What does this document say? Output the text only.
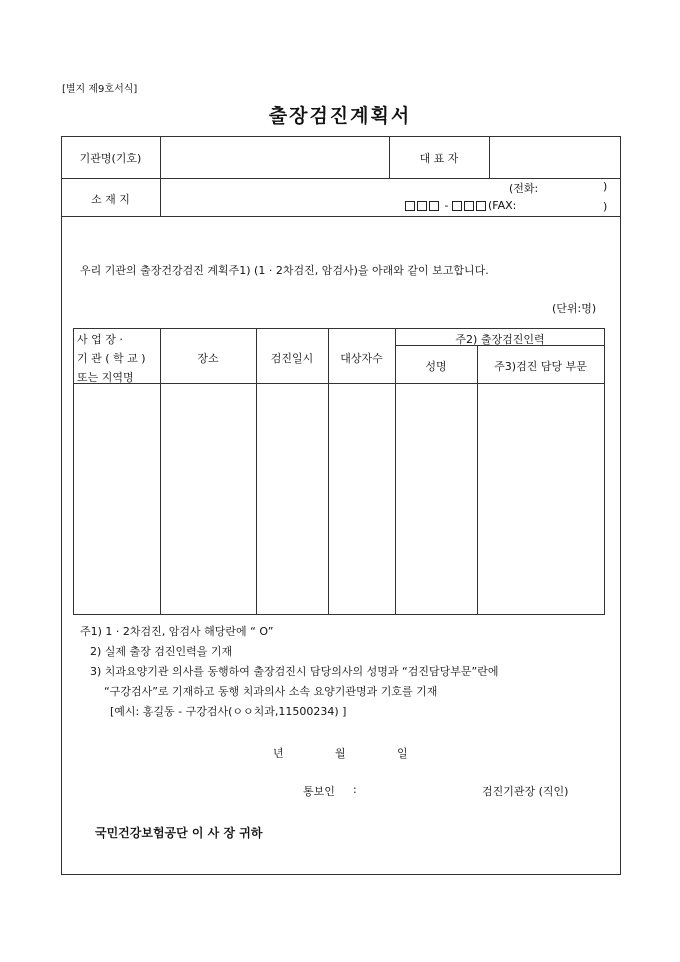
[별지 제9호서식]
출장검진계획서
기관명(기호)	대 표 자
소 재 지
(전화:	)
-	(FAX:	)
우리 기관의 출장건강검진 계획주1) (1 · 2차검진, 암검사)을 아래와 같이 보고합니다.
(단위:명)
사 업 장 ·
기 관 ( 학 교 )
또는 지역명
장소	검진일시	대상자수
주2) 출장검진인력
성명	주3)검진 담당 부문
주1) 1 · 2차검진, 암검사 해당란에 “ O”
2) 실제 출장 검진인력을 기재
3) 치과요양기관 의사를 동행하여 출장검진시 담당의사의 성명과 “검진담당부문”란에
“구강검사”로 기재하고 동행 치과의사 소속 요양기관명과 기호를 기재
[예시: 홍길동 - 구강검사(ㅇㅇ치과,11500234) ]
년	월	일
통보인 :	검진기관장 (직인)
국민건강보험공단 이 사 장 귀하
